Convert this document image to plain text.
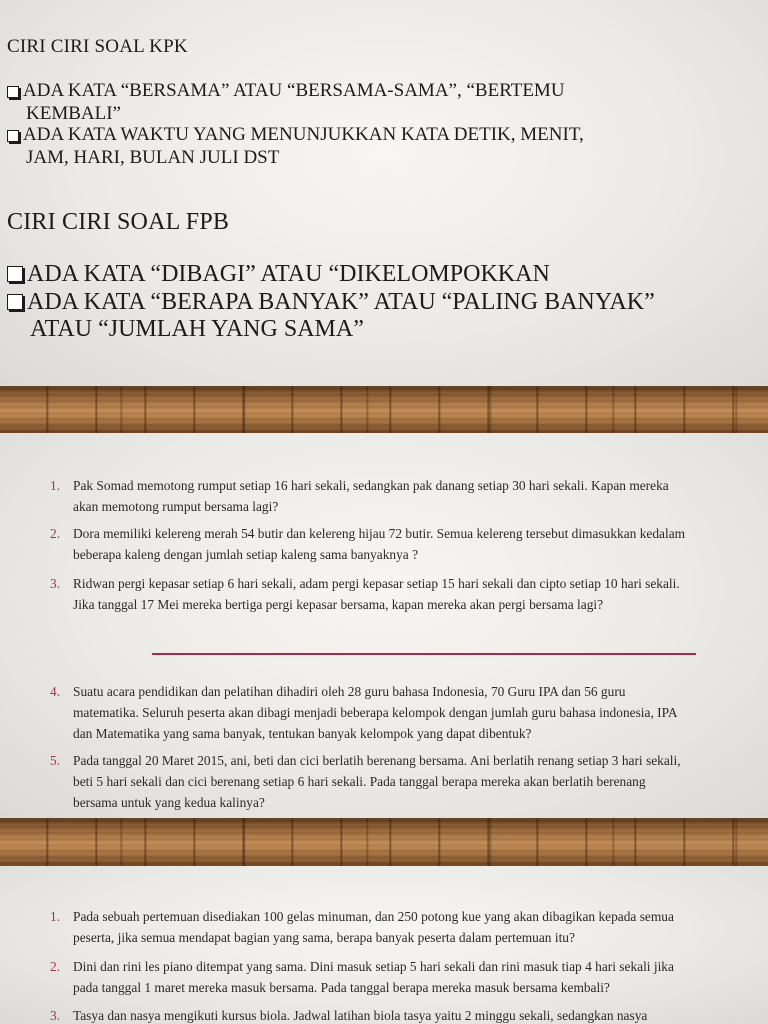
CIRI CIRI SOAL KPK
ADA KATA “BERSAMA” ATAU “BERSAMA-SAMA”, “BERTEMU
KEMBALI”
ADA KATA WAKTU YANG MENUNJUKKAN KATA DETIK, MENIT,
JAM, HARI, BULAN JULI DST
CIRI CIRI SOAL FPB
ADA KATA “DIBAGI” ATAU “DIKELOMPOKKAN
ADA KATA “BERAPA BANYAK” ATAU “PALING BANYAK”
ATAU “JUMLAH YANG SAMA”
1. Pak Somad memotong rumput setiap 16 hari sekali, sedangkan pak danang setiap 30 hari sekali. Kapan mereka
akan memotong rumput bersama lagi?
2. Dora memiliki kelereng merah 54 butir dan kelereng hijau 72 butir. Semua kelereng tersebut dimasukkan kedalam
beberapa kaleng dengan jumlah setiap kaleng sama banyaknya ?
3. Ridwan pergi kepasar setiap 6 hari sekali, adam pergi kepasar setiap 15 hari sekali dan cipto setiap 10 hari sekali.
Jika tanggal 17 Mei mereka bertiga pergi kepasar bersama, kapan mereka akan pergi bersama lagi?
4. Suatu acara pendidikan dan pelatihan dihadiri oleh 28 guru bahasa Indonesia, 70 Guru IPA dan 56 guru
matematika. Seluruh peserta akan dibagi menjadi beberapa kelompok dengan jumlah guru bahasa indonesia, IPA
dan Matematika yang sama banyak, tentukan banyak kelompok yang dapat dibentuk?
5. Pada tanggal 20 Maret 2015, ani, beti dan cici berlatih berenang bersama. Ani berlatih renang setiap 3 hari sekali,
beti 5 hari sekali dan cici berenang setiap 6 hari sekali. Pada tanggal berapa mereka akan berlatih berenang
bersama untuk yang kedua kalinya?
1. Pada sebuah pertemuan disediakan 100 gelas minuman, dan 250 potong kue yang akan dibagikan kepada semua
peserta, jika semua mendapat bagian yang sama, berapa banyak peserta dalam pertemuan itu?
2. Dini dan rini les piano ditempat yang sama. Dini masuk setiap 5 hari sekali dan rini masuk tiap 4 hari sekali jika
pada tanggal 1 maret mereka masuk bersama. Pada tanggal berapa mereka masuk bersama kembali?
3. Tasya dan nasya mengikuti kursus biola. Jadwal latihan biola tasya yaitu 2 minggu sekali, sedangkan nasya
